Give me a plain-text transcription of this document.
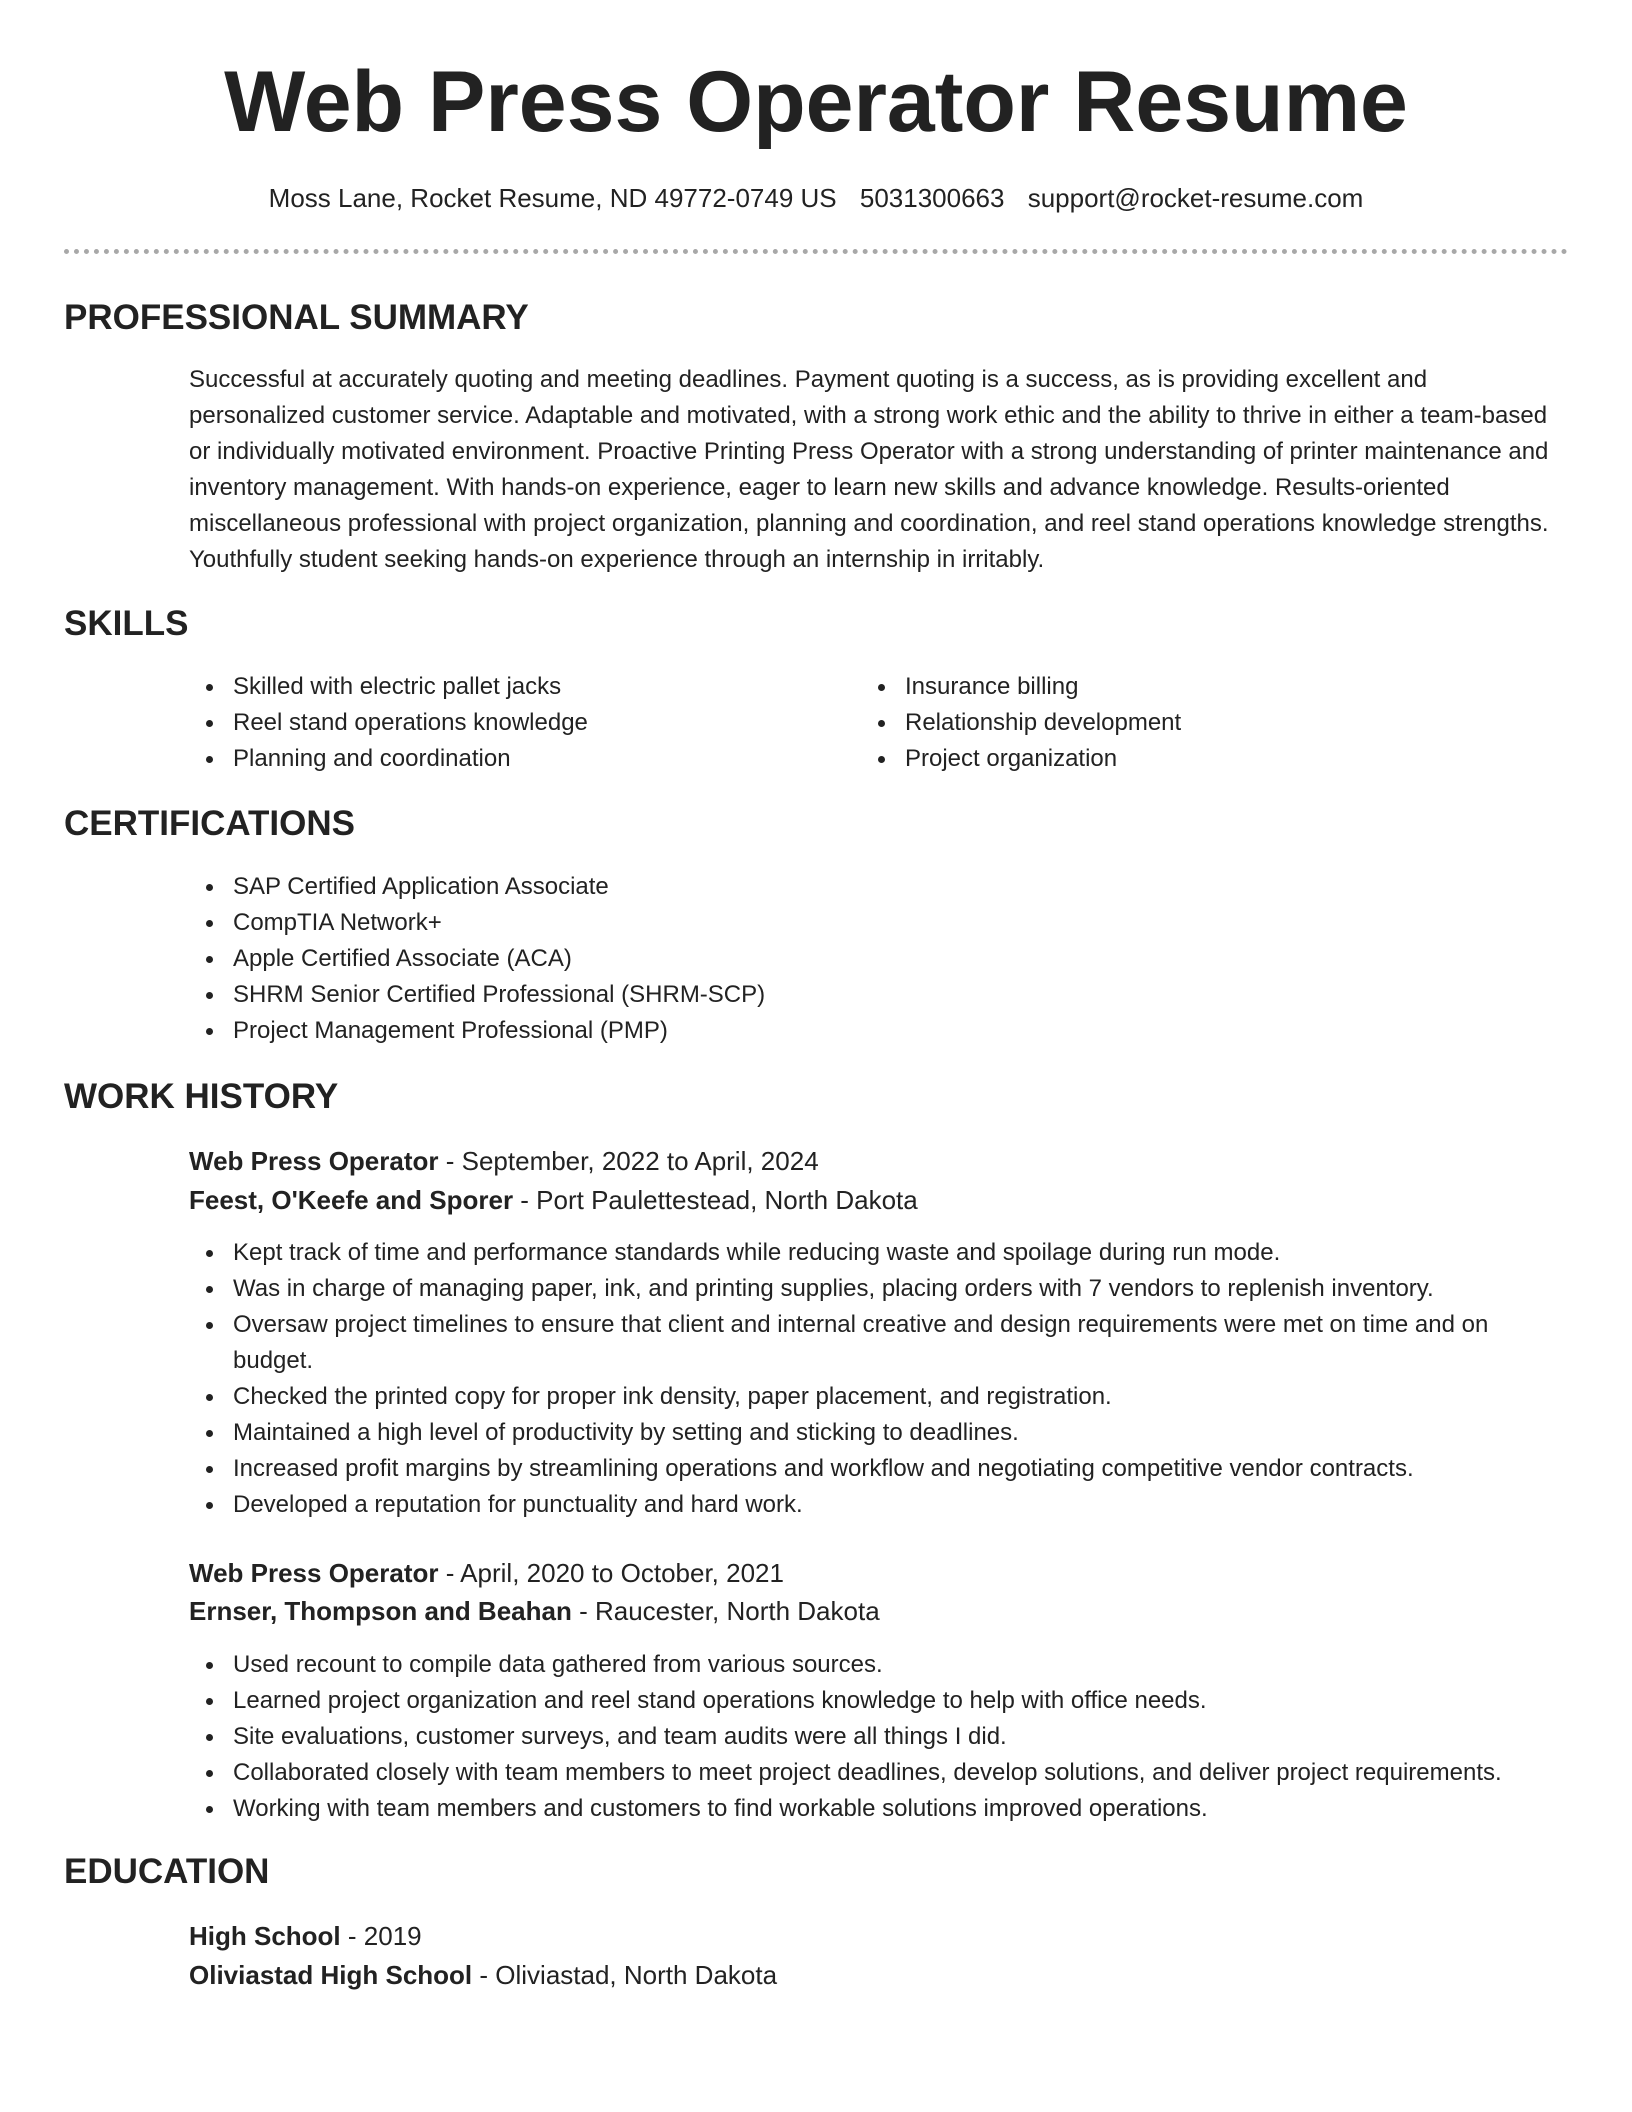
Web Press Operator Resume
Moss Lane, Rocket Resume, ND 49772-0749 US 5031300663 support@rocket-resume.com
PROFESSIONAL SUMMARY

Successful at accurately quoting and meeting deadlines. Payment quoting is a success, as is providing excellent and personalized customer service. Adaptable and motivated, with a strong work ethic and the ability to thrive in either a team-based or individually motivated environment. Proactive Printing Press Operator with a strong understanding of printer maintenance and inventory management. With hands-on experience, eager to learn new skills and advance knowledge. Results-oriented miscellaneous professional with project organization, planning and coordination, and reel stand operations knowledge strengths. Youthfully student seeking hands-on experience through an internship in irritably.

SKILLS
Skilled with electric pallet jacks
Reel stand operations knowledge
Planning and coordination
Insurance billing
Relationship development
Project organization
CERTIFICATIONS
SAP Certified Application Associate
CompTIA Network+
Apple Certified Associate (ACA)
SHRM Senior Certified Professional (SHRM-SCP)
Project Management Professional (PMP)
WORK HISTORY
Web Press Operator - September, 2022 to April, 2024
Feest, O'Keefe and Sporer - Port Paulettestead, North Dakota
Kept track of time and performance standards while reducing waste and spoilage during run mode.
Was in charge of managing paper, ink, and printing supplies, placing orders with 7 vendors to replenish inventory.
Oversaw project timelines to ensure that client and internal creative and design requirements were met on time and on budget.
Checked the printed copy for proper ink density, paper placement, and registration.
Maintained a high level of productivity by setting and sticking to deadlines.
Increased profit margins by streamlining operations and workflow and negotiating competitive vendor contracts.
Developed a reputation for punctuality and hard work.
Web Press Operator - April, 2020 to October, 2021
Ernser, Thompson and Beahan - Raucester, North Dakota
Used recount to compile data gathered from various sources.
Learned project organization and reel stand operations knowledge to help with office needs.
Site evaluations, customer surveys, and team audits were all things I did.
Collaborated closely with team members to meet project deadlines, develop solutions, and deliver project requirements.
Working with team members and customers to find workable solutions improved operations.
EDUCATION
High School - 2019
Oliviastad High School - Oliviastad, North Dakota
